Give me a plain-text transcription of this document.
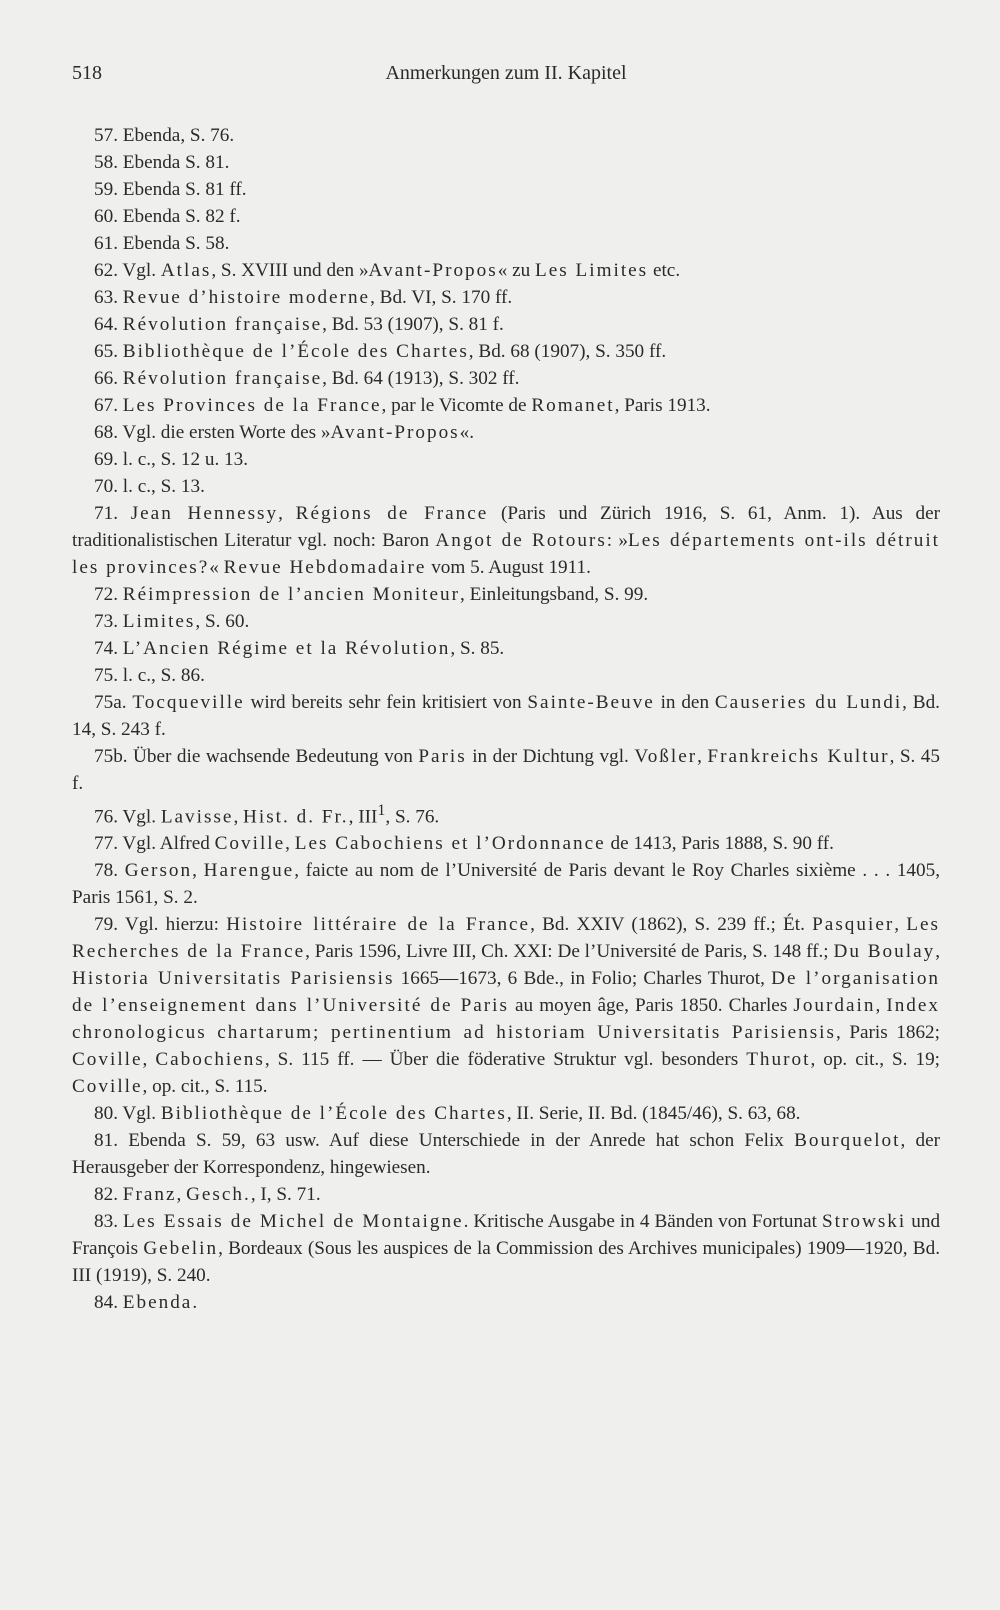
518	Anmerkungen zum II. Kapitel

57. Ebenda, S. 76.

58. Ebenda S. 81.

59. Ebenda S. 81 ff.

60. Ebenda S. 82 f.

61. Ebenda S. 58.

62. Vgl. Atlas, S. XVIII und den »Avant-Propos« zu Les Limites etc.

63. Revue d’histoire moderne, Bd. VI, S. 170 ff.

64. Révolution française, Bd. 53 (1907), S. 81 f.

65. Bibliothèque de l’École des Chartes, Bd. 68 (1907), S. 350 ff.

66. Révolution française, Bd. 64 (1913), S. 302 ff.

67. Les Provinces de la France, par le Vicomte de Romanet, Paris 1913.

68. Vgl. die ersten Worte des »Avant-Propos«.

69. l. c., S. 12 u. 13.

70. l. c., S. 13.

71. Jean Hennessy, Régions de France (Paris und Zürich 1916, S. 61, Anm. 1). Aus der traditionalistischen Literatur vgl. noch: Baron Angot de Rotours: »Les départements ont-ils détruit les provinces?« Revue Hebdomadaire vom 5. August 1911.

72. Réimpression de l’ancien Moniteur, Einleitungsband, S. 99.

73. Limites, S. 60.

74. L’Ancien Régime et la Révolution, S. 85.

75. l. c., S. 86.

75a. Tocqueville wird bereits sehr fein kritisiert von Sainte-Beuve in den Causeries du Lundi, Bd. 14, S. 243 f.

75b. Über die wachsende Bedeutung von Paris in der Dichtung vgl. Voßler, Frankreichs Kultur, S. 45 f.

76. Vgl. Lavisse, Hist. d. Fr., III$^1$, S. 76.

77. Vgl. Alfred Coville, Les Cabochiens et l’Ordonnance de 1413, Paris 1888, S. 90 ff.

78. Gerson, Harengue, faicte au nom de l’Université de Paris devant le Roy Charles sixième . . . 1405, Paris 1561, S. 2.

79. Vgl. hierzu: Histoire littéraire de la France, Bd. XXIV (1862), S. 239 ff.; Ét. Pasquier, Les Recherches de la France, Paris 1596, Livre III, Ch. XXI: De l’Université de Paris, S. 148 ff.; Du Boulay, Historia Universitatis Parisiensis 1665—1673, 6 Bde., in Folio; Charles Thurot, De l’organisation de l’enseignement dans l’Université de Paris au moyen âge, Paris 1850. Charles Jourdain, Index chronologicus chartarum; pertinentium ad historiam Universitatis Parisiensis, Paris 1862; Coville, Cabochiens, S. 115 ff. — Über die föderative Struktur vgl. besonders Thurot, op. cit., S. 19; Coville, op. cit., S. 115.

80. Vgl. Bibliothèque de l’École des Chartes, II. Serie, II. Bd. (1845/46), S. 63, 68.

81. Ebenda S. 59, 63 usw. Auf diese Unterschiede in der Anrede hat schon Felix Bourquelot, der Herausgeber der Korrespondenz, hingewiesen.

82. Franz, Gesch., I, S. 71.

83. Les Essais de Michel de Montaigne. Kritische Ausgabe in 4 Bänden von Fortunat Strowski und François Gebelin, Bordeaux (Sous les auspices de la Commission des Archives municipales) 1909—1920, Bd. III (1919), S. 240.

84. Ebenda.
